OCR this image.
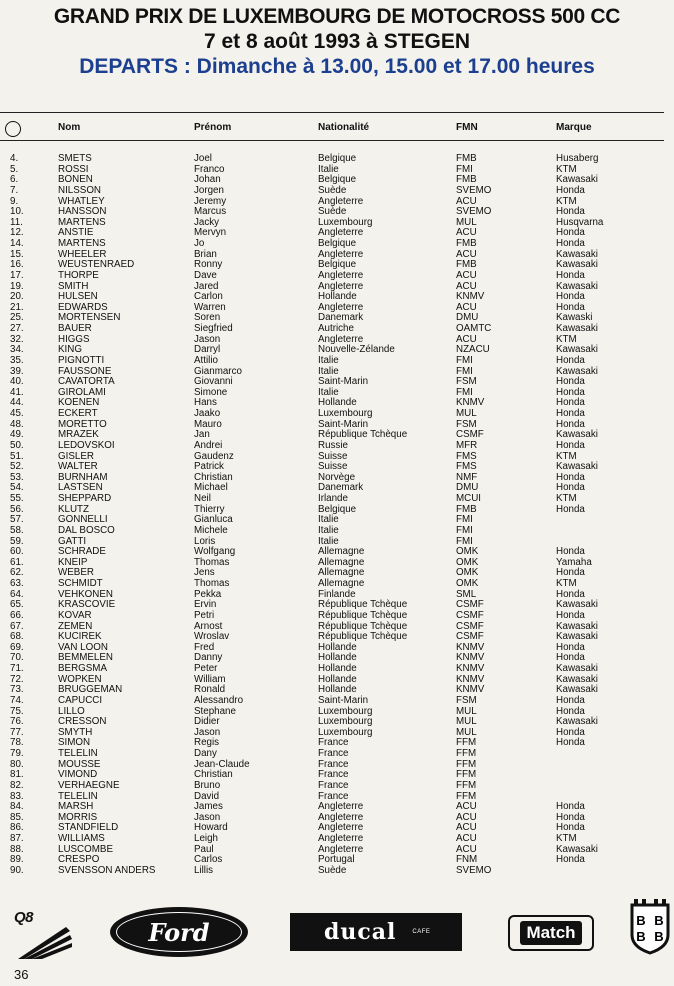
GRAND PRIX DE LUXEMBOURG DE MOTOCROSS 500 CC
7 et 8 août 1993 à STEGEN
DEPARTS : Dimanche à 13.00, 15.00 et 17.00 heures
Nom	Prénom	Nationalité	FMN	Marque
4.	SMETS	Joel	Belgique	FMB	Husaberg
5.	ROSSI	Franco	Italie	FMI	KTM
6.	BONEN	Johan	Belgique	FMB	Kawasaki
7.	NILSSON	Jorgen	Suède	SVEMO	Honda
9.	WHATLEY	Jeremy	Angleterre	ACU	KTM
10.	HANSSON	Marcus	Suède	SVEMO	Honda
11.	MARTENS	Jacky	Luxembourg	MUL	Husqvarna
12.	ANSTIE	Mervyn	Angleterre	ACU	Honda
14.	MARTENS	Jo	Belgique	FMB	Honda
15.	WHEELER	Brian	Angleterre	ACU	Kawasaki
16.	WEUSTENRAED	Ronny	Belgique	FMB	Kawasaki
17.	THORPE	Dave	Angleterre	ACU	Honda
19.	SMITH	Jared	Angleterre	ACU	Kawasaki
20.	HULSEN	Carlon	Hollande	KNMV	Honda
21.	EDWARDS	Warren	Angleterre	ACU	Honda
25.	MORTENSEN	Soren	Danemark	DMU	Kawaski
27.	BAUER	Siegfried	Autriche	OAMTC	Kawasaki
32.	HIGGS	Jason	Angleterre	ACU	KTM
34.	KING	Darryl	Nouvelle-Zélande	NZACU	Kawasaki
35.	PIGNOTTI	Attilio	Italie	FMI	Honda
39.	FAUSSONE	Gianmarco	Italie	FMI	Kawasaki
40.	CAVATORTA	Giovanni	Saint-Marin	FSM	Honda
41.	GIROLAMI	Simone	Italie	FMI	Honda
44.	KOENEN	Hans	Hollande	KNMV	Honda
45.	ECKERT	Jaako	Luxembourg	MUL	Honda
48.	MORETTO	Mauro	Saint-Marin	FSM	Honda
49.	MRAZEK	Jan	République Tchèque	CSMF	Kawasaki
50.	LEDOVSKOI	Andrei	Russie	MFR	Honda
51.	GISLER	Gaudenz	Suisse	FMS	KTM
52.	WALTER	Patrick	Suisse	FMS	Kawasaki
53.	BURNHAM	Christian	Norvège	NMF	Honda
54.	LASTSEN	Michael	Danemark	DMU	Honda
55.	SHEPPARD	Neil	Irlande	MCUI	KTM
56.	KLUTZ	Thierry	Belgique	FMB	Honda
57.	GONNELLI	Gianluca	Italie	FMI
58.	DAL BOSCO	Michele	Italie	FMI
59.	GATTI	Loris	Italie	FMI
60.	SCHRADE	Wolfgang	Allemagne	OMK	Honda
61.	KNEIP	Thomas	Allemagne	OMK	Yamaha
62.	WEBER	Jens	Allemagne	OMK	Honda
63.	SCHMIDT	Thomas	Allemagne	OMK	KTM
64.	VEHKONEN	Pekka	Finlande	SML	Honda
65.	KRASCOVIE	Ervin	République Tchèque	CSMF	Kawasaki
66.	KOVAR	Petri	République Tchèque	CSMF	Honda
67.	ZEMEN	Arnost	République Tchèque	CSMF	Kawasaki
68.	KUCIREK	Wroslav	République Tchèque	CSMF	Kawasaki
69.	VAN LOON	Fred	Hollande	KNMV	Honda
70.	BEMMELEN	Danny	Hollande	KNMV	Honda
71.	BERGSMA	Peter	Hollande	KNMV	Kawasaki
72.	WOPKEN	William	Hollande	KNMV	Kawasaki
73.	BRUGGEMAN	Ronald	Hollande	KNMV	Kawasaki
74.	CAPUCCI	Alessandro	Saint-Marin	FSM	Honda
75.	LILLO	Stephane	Luxembourg	MUL	Honda
76.	CRESSON	Didier	Luxembourg	MUL	Kawasaki
77.	SMYTH	Jason	Luxembourg	MUL	Honda
78.	SIMON	Regis	France	FFM	Honda
79.	TELELIN	Dany	France	FFM
80.	MOUSSE	Jean-Claude	France	FFM
81.	VIMOND	Christian	France	FFM
82.	VERHAEGNE	Bruno	France	FFM
83.	TELELIN	David	France	FFM
84.	MARSH	James	Angleterre	ACU	Honda
85.	MORRIS	Jason	Angleterre	ACU	Honda
86.	STANDFIELD	Howard	Angleterre	ACU	Honda
87.	WILLIAMS	Leigh	Angleterre	ACU	KTM
88.	LUSCOMBE	Paul	Angleterre	ACU	Kawasaki
89.	CRESPO	Carlos	Portugal	FNM	Honda
90.	SVENSSON ANDERS	Lillis	Suède	SVEMO
Q8	Ford	ducal	CAFE	Match
B B
B B
36
